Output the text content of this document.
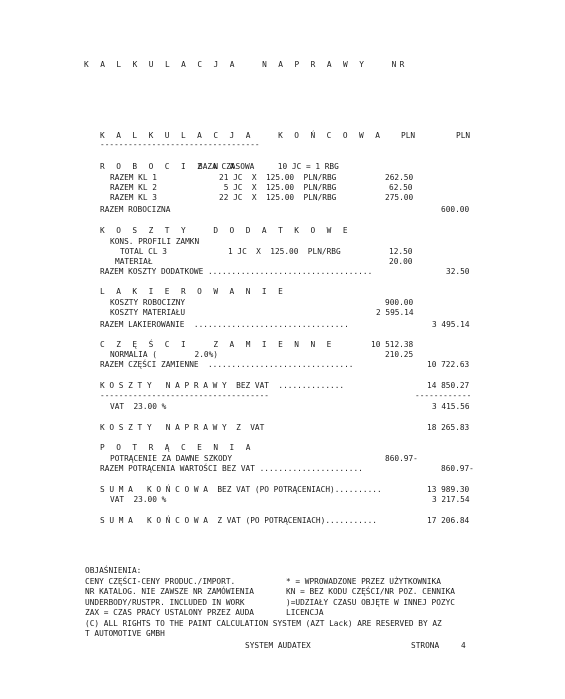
K A L K U L A C J A   N A P R A W Y   NR
K A L K U L A C J A   K O Ń C O W A PLN	PLN
----------------------------------
R O B O C I Z N A
BAZA CZASOWA     10 JC = 1 RBG
RAZEM KL 1	21 JC  X  125.00  PLN/RBG	262.50
RAZEM KL 2	5 JC  X  125.00  PLN/RBG	62.50
RAZEM KL 3	22 JC  X  125.00  PLN/RBG	275.00
RAZEM ROBOCIZNA	600.00
K O S Z T Y   D O D A T K O W E
KONS. PROFILI ZAMKN
TOTAL CL 3	1 JC  X  125.00  PLN/RBG	12.50
MATERIAŁ	20.00
RAZEM KOSZTY DODATKOWE ...................................	32.50
L A K I E R O W A N I E
KOSZTY ROBOCIZNY	900.00
KOSZTY MATERIAŁU	2 595.14
RAZEM LAKIEROWANIE  .................................	3 495.14
C Z Ę Ś C I   Z A M I E N N E	10 512.38
NORMALIA (        2.0%)	210.25
RAZEM CZĘŚCI ZAMIENNE  ...............................	10 722.63
K O S Z T Y   N A P R A W Y  BEZ VAT  ..............	14 850.27
------------------------------------	------------
VAT  23.00 %	3 415.56
K O S Z T Y   N A P R A W Y  Z  VAT	18 265.83
P O T R Ą C E N I A
POTRĄCENIE ZA DAWNE SZKODY	860.97-
RAZEM POTRĄCENIA WARTOŚCI BEZ VAT ......................	860.97-
S U M A   K O Ń C O W A  BEZ VAT (PO POTRĄCENIACH)..........	13 989.30
VAT  23.00 %	3 217.54
S U M A   K O Ń C O W A  Z VAT (PO POTRĄCENIACH)...........	17 206.84
OBJAŚNIENIA:
CENY CZĘŚCI-CENY PRODUC./IMPORT.	* = WPROWADZONE PRZEZ UŻYTKOWNIKA
NR KATALOG. NIE ZAWSZE NR ZAMÓWIENIA	KN = BEZ KODU CZĘŚCI/NR POZ. CENNIKA
UNDERBODY/RUSTPR. INCLUDED IN WORK	)=UDZIAŁY CZASU OBJĘTE W INNEJ POZYC
ZAX = CZAS PRACY USTALONY PRZEZ AUDA	LICENCJA
(C) ALL RIGHTS TO THE PAINT CALCULATION SYSTEM (AZT Lack) ARE RESERVED BY AZ
T AUTOMOTIVE GMBH
SYSTEM AUDATEX	STRONA	4
